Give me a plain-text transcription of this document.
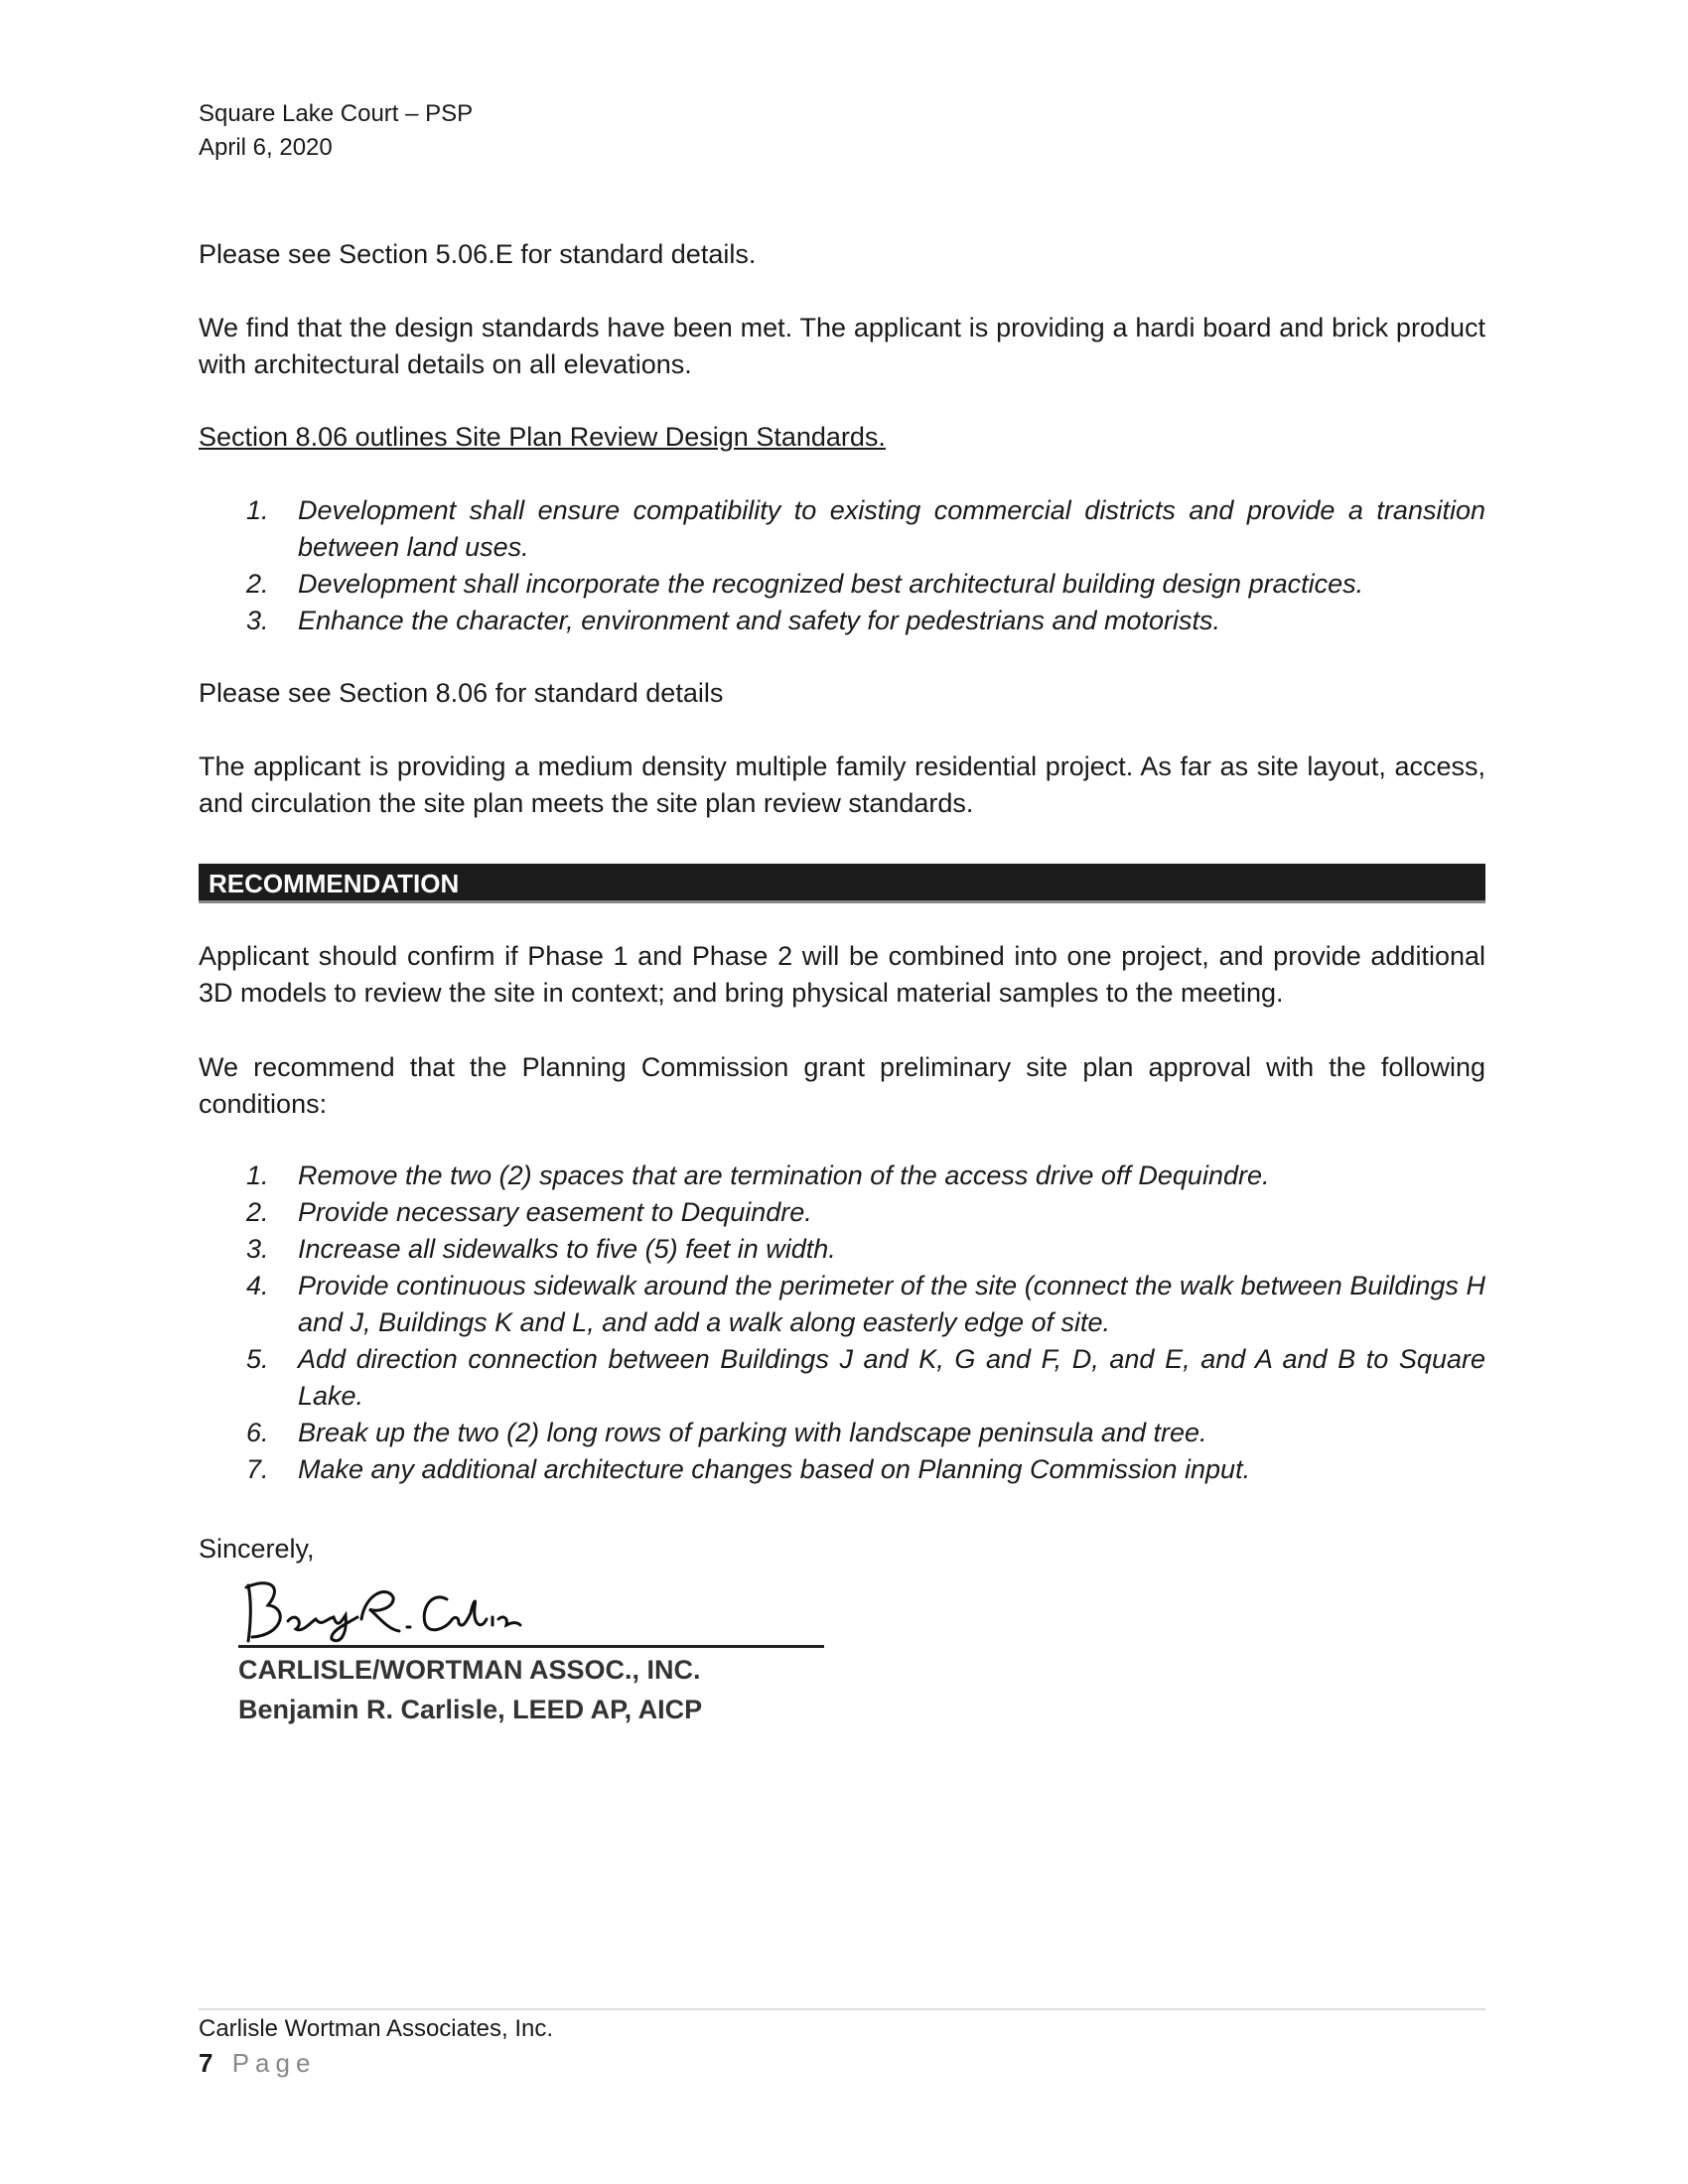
Square Lake Court – PSP
April 6, 2020

Please see Section 5.06.E for standard details.

We find that the design standards have been met. The applicant is providing a hardi board and brick product with architectural details on all elevations.

Section 8.06 outlines Site Plan Review Design Standards.

1. Development shall ensure compatibility to existing commercial districts and provide a transition between land uses.
2. Development shall incorporate the recognized best architectural building design practices.
3. Enhance the character, environment and safety for pedestrians and motorists.

Please see Section 8.06 for standard details

The applicant is providing a medium density multiple family residential project. As far as site layout, access, and circulation the site plan meets the site plan review standards.

RECOMMENDATION

Applicant should confirm if Phase 1 and Phase 2 will be combined into one project, and provide additional 3D models to review the site in context; and bring physical material samples to the meeting.

We recommend that the Planning Commission grant preliminary site plan approval with the following conditions:

1. Remove the two (2) spaces that are termination of the access drive off Dequindre.
2. Provide necessary easement to Dequindre.
3. Increase all sidewalks to five (5) feet in width.
4. Provide continuous sidewalk around the perimeter of the site (connect the walk between Buildings H and J, Buildings K and L, and add a walk along easterly edge of site.
5. Add direction connection between Buildings J and K, G and F, D, and E, and A and B to Square Lake.
6. Break up the two (2) long rows of parking with landscape peninsula and tree.
7. Make any additional architecture changes based on Planning Commission input.
Sincerely,
CARLISLE/WORTMAN ASSOC., INC.
Benjamin R. Carlisle, LEED AP, AICP
Carlisle Wortman Associates, Inc.
7 Page
